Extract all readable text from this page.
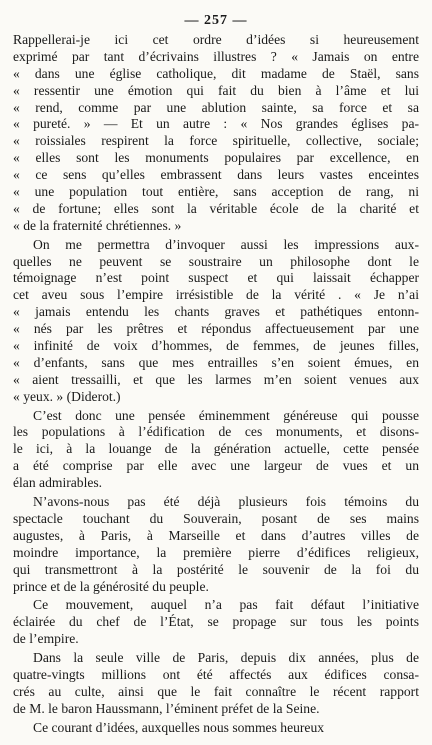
— 257 —
Rappellerai-je ici cet ordre d’idées si heureusement
exprimé par tant d’écrivains illustres ? « Jamais on entre
« dans une église catholique, dit madame de Staël, sans
« ressentir une émotion qui fait du bien à l’âme et lui
« rend, comme par une ablution sainte, sa force et sa
« pureté. » — Et un autre : « Nos grandes églises pa-
« roissiales respirent la force spirituelle, collective, sociale;
« elles sont les monuments populaires par excellence, en
« ce sens qu’elles embrassent dans leurs vastes enceintes
« une population tout entière, sans acception de rang, ni
« de fortune; elles sont la véritable école de la charité et
« de la fraternité chrétiennes. »
On me permettra d’invoquer aussi les impressions aux-
quelles ne peuvent se soustraire un philosophe dont le
témoignage n’est point suspect et qui laissait échapper
cet aveu sous l’empire irrésistible de la vérité . « Je n’ai
« jamais entendu les chants graves et pathétiques entonn-
« nés par les prêtres et répondus affectueusement par une
« infinité de voix d’hommes, de femmes, de jeunes filles,
« d’enfants, sans que mes entrailles s’en soient émues, en
« aient tressailli, et que les larmes m’en soient venues aux
« yeux. » (Diderot.)
C’est donc une pensée éminemment généreuse qui pousse
les populations à l’édification de ces monuments, et disons-
le ici, à la louange de la génération actuelle, cette pensée
a été comprise par elle avec une largeur de vues et un
élan admirables.
N’avons-nous pas été déjà plusieurs fois témoins du
spectacle touchant du Souverain, posant de ses mains
augustes, à Paris, à Marseille et dans d’autres villes de
moindre importance, la première pierre d’édifices religieux,
qui transmettront à la postérité le souvenir de la foi du
prince et de la générosité du peuple.
Ce mouvement, auquel n’a pas fait défaut l’initiative
éclairée du chef de l’État, se propage sur tous les points
de l’empire.
Dans la seule ville de Paris, depuis dix années, plus de
quatre-vingts millions ont été affectés aux édifices consa-
crés au culte, ainsi que le fait connaître le récent rapport
de M. le baron Haussmann, l’éminent préfet de la Seine.
Ce courant d’idées, auxquelles nous sommes heureux
